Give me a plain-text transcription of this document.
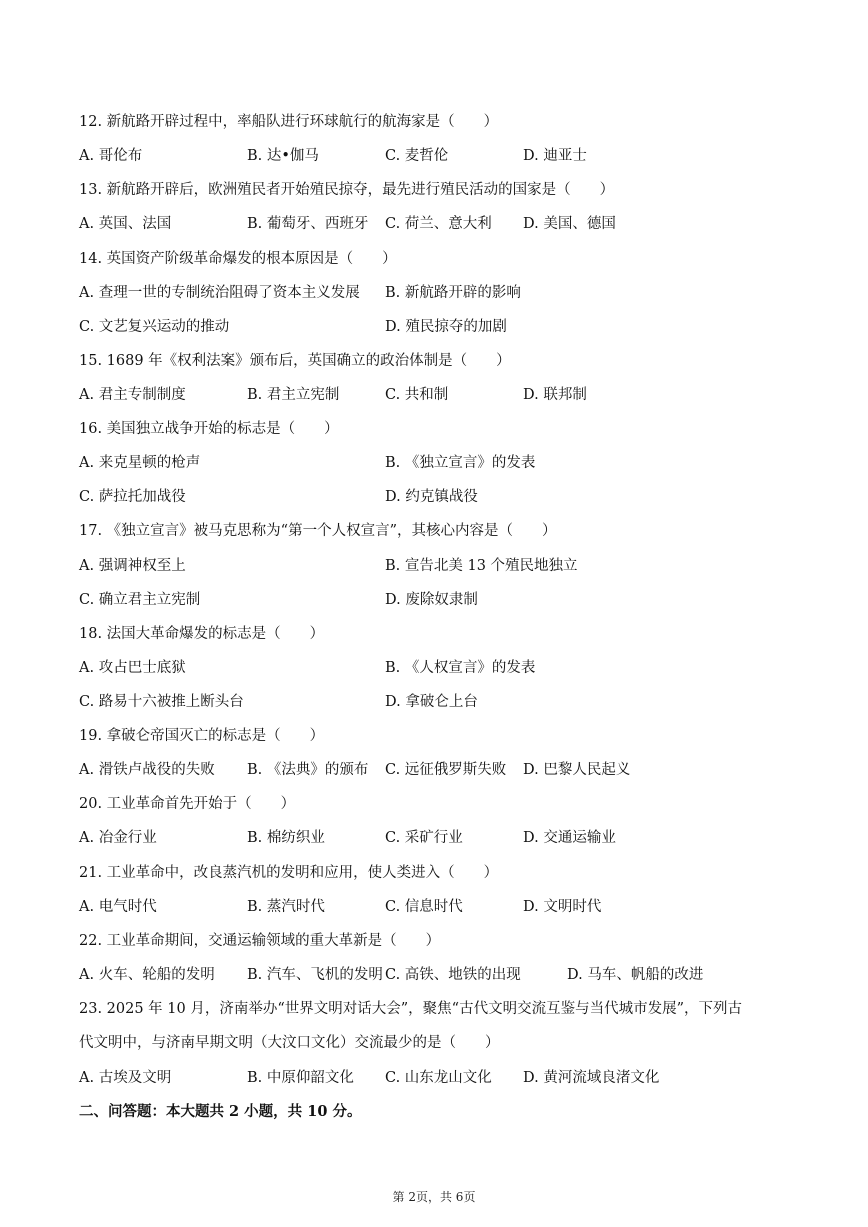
12. 新航路开辟过程中，率船队进行环球航行的航海家是（　　）
A. 哥伦布	B. 达•伽马	C. 麦哲伦	D. 迪亚士
13. 新航路开辟后，欧洲殖民者开始殖民掠夺，最先进行殖民活动的国家是（　　）
A. 英国、法国	B. 葡萄牙、西班牙 C. 荷兰、意大利 D. 美国、德国
14. 英国资产阶级革命爆发的根本原因是（　　）
A. 查理一世的专制统治阻碍了资本主义发展 B. 新航路开辟的影响
C. 文艺复兴运动的推动	D. 殖民掠夺的加剧
15. 1689 年《权利法案》颁布后，英国确立的政治体制是（　　）
A. 君主专制制度	B. 君主立宪制	C. 共和制	D. 联邦制
16. 美国独立战争开始的标志是（　　）
A. 来克星顿的枪声	B. 《独立宣言》的发表
C. 萨拉托加战役	D. 约克镇战役
17. 《独立宣言》被马克思称为“第一个人权宣言”，其核心内容是（　　）
A. 强调神权至上	B. 宣告北美 13 个殖民地独立
C. 确立君主立宪制	D. 废除奴隶制
18. 法国大革命爆发的标志是（　　）
A. 攻占巴士底狱	B. 《人权宣言》的发表
C. 路易十六被推上断头台	D. 拿破仑上台
19. 拿破仑帝国灭亡的标志是（　　）
A. 滑铁卢战役的失败 B. 《法典》的颁布 C. 远征俄罗斯失败 D. 巴黎人民起义
20. 工业革命首先开始于（　　）
A. 冶金行业	B. 棉纺织业	C. 采矿行业	D. 交通运输业
21. 工业革命中，改良蒸汽机的发明和应用，使人类进入（　　）
A. 电气时代	B. 蒸汽时代	C. 信息时代	D. 文明时代
22. 工业革命期间，交通运输领域的重大革新是（　　）
A. 火车、轮船的发明 B. 汽车、飞机的发明 C. 高铁、地铁的出现	D. 马车、帆船的改进
23. 2025 年 10 月，济南举办“世界文明对话大会”，聚焦“古代文明交流互鉴与当代城市发展”，下列古
代文明中，与济南早期文明（大汶口文化）交流最少的是（　　）
A. 古埃及文明	B. 中原仰韶文化 C. 山东龙山文化 D. 黄河流域良渚文化
二、问答题：本大题共 2 小题，共 10 分。
第 2页，共 6页
